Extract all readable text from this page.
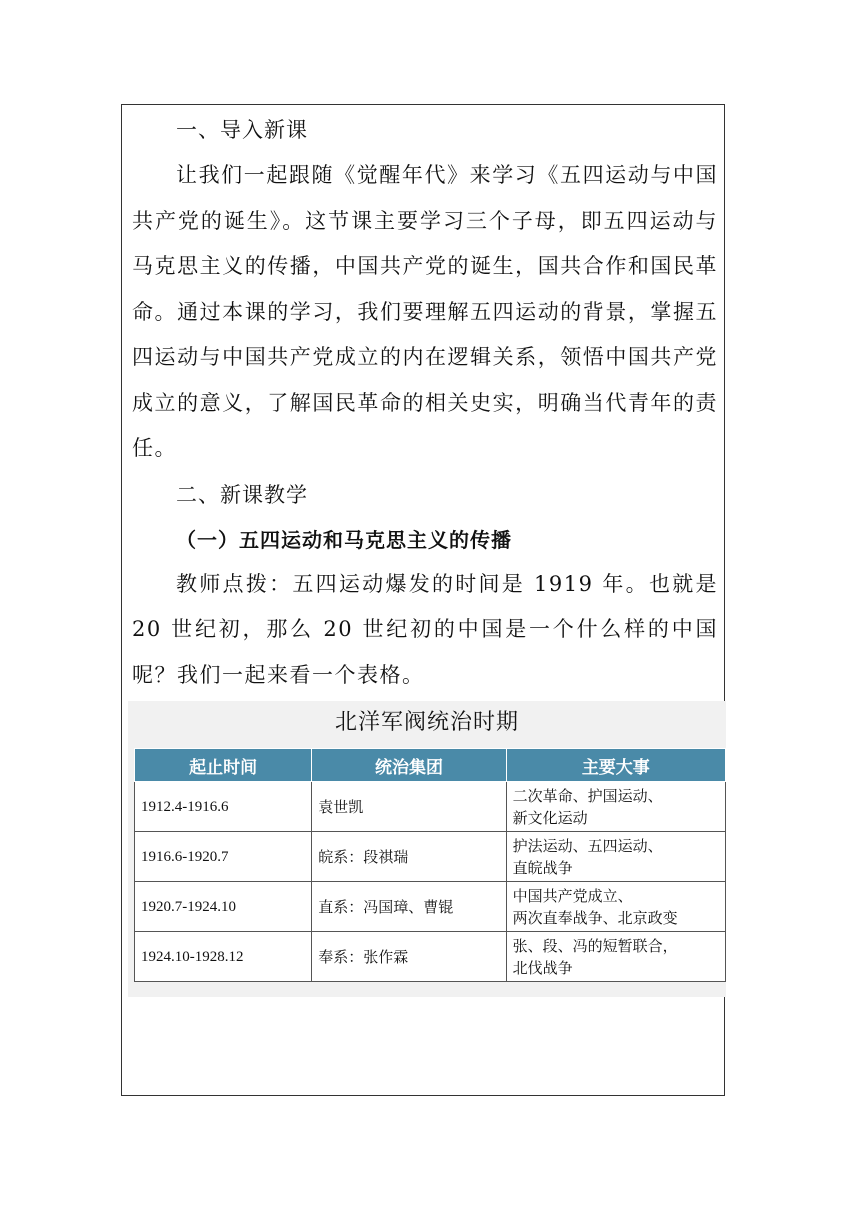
一、导入新课

让我们一起跟随《觉醒年代》来学习《五四运动与中国共产党的诞生》。这节课主要学习三个子母，即五四运动与马克思主义的传播，中国共产党的诞生，国共合作和国民革命。通过本课的学习，我们要理解五四运动的背景，掌握五四运动与中国共产党成立的内在逻辑关系，领悟中国共产党成立的意义，了解国民革命的相关史实，明确当代青年的责任。

二、新课教学

（一）五四运动和马克思主义的传播

教师点拨：五四运动爆发的时间是 1919 年。也就是 20 世纪初，那么 20 世纪初的中国是一个什么样的中国呢？我们一起来看一个表格。

北洋军阀统治时期
起止时间	统治集团	主要大事
1912.4-1916.6	袁世凯	二次革命、护国运动、
新文化运动

1916.6-1920.7	皖系：段祺瑞	护法运动、五四运动、
直皖战争

1920.7-1924.10	直系：冯国璋、曹锟	中国共产党成立、
两次直奉战争、北京政变

1924.10-1928.12	奉系：张作霖	张、段、冯的短暂联合，
北伐战争
